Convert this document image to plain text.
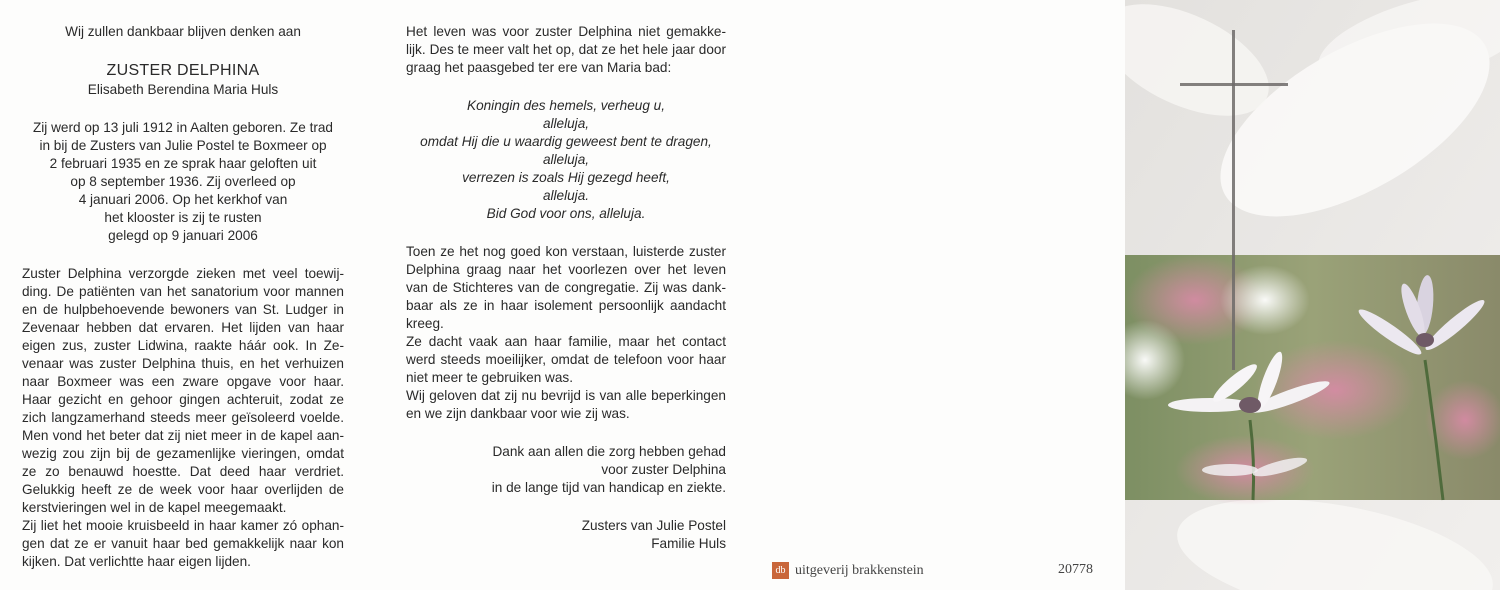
Wij zullen dankbaar blijven denken aan
ZUSTER DELPHINA
Elisabeth Berendina Maria Huls
Zij werd op 13 juli 1912 in Aalten geboren. Ze trad
in bij de Zusters van Julie Postel te Boxmeer op
2 februari 1935 en ze sprak haar geloften uit
op 8 september 1936. Zij overleed op
4 januari 2006. Op het kerkhof van
het klooster is zij te rusten
gelegd op 9 januari 2006
Zuster Delphina verzorgde zieken met veel toewij-
ding. De patiënten van het sanatorium voor mannen
en de hulpbehoevende bewoners van St. Ludger in
Zevenaar hebben dat ervaren. Het lijden van haar
eigen zus, zuster Lidwina, raakte háár ook. In Ze-
venaar was zuster Delphina thuis, en het verhuizen
naar Boxmeer was een zware opgave voor haar.
Haar gezicht en gehoor gingen achteruit, zodat ze
zich langzamerhand steeds meer geïsoleerd voelde.
Men vond het beter dat zij niet meer in de kapel aan-
wezig zou zijn bij de gezamenlijke vieringen, omdat
ze zo benauwd hoestte. Dat deed haar verdriet.
Gelukkig heeft ze de week voor haar overlijden de
kerstvieringen wel in de kapel meegemaakt.
Zij liet het mooie kruisbeeld in haar kamer zó ophan-
gen dat ze er vanuit haar bed gemakkelijk naar kon
kijken. Dat verlichtte haar eigen lijden.
Het leven was voor zuster Delphina niet gemakke-
lijk. Des te meer valt het op, dat ze het hele jaar door
graag het paasgebed ter ere van Maria bad:
Koningin des hemels, verheug u,
alleluja,
omdat Hij die u waardig geweest bent te dragen,
alleluja,
verrezen is zoals Hij gezegd heeft,
alleluja.
Bid God voor ons, alleluja.
Toen ze het nog goed kon verstaan, luisterde zuster
Delphina graag naar het voorlezen over het leven
van de Stichteres van de congregatie. Zij was dank-
baar als ze in haar isolement persoonlijk aandacht
kreeg.
Ze dacht vaak aan haar familie, maar het contact
werd steeds moeilijker, omdat de telefoon voor haar
niet meer te gebruiken was.
Wij geloven dat zij nu bevrijd is van alle beperkingen
en we zijn dankbaar voor wie zij was.
Dank aan allen die zorg hebben gehad
voor zuster Delphina
in de lange tijd van handicap en ziekte.
Zusters van Julie Postel
Familie Huls
db uitgeverij brakkenstein	20778
